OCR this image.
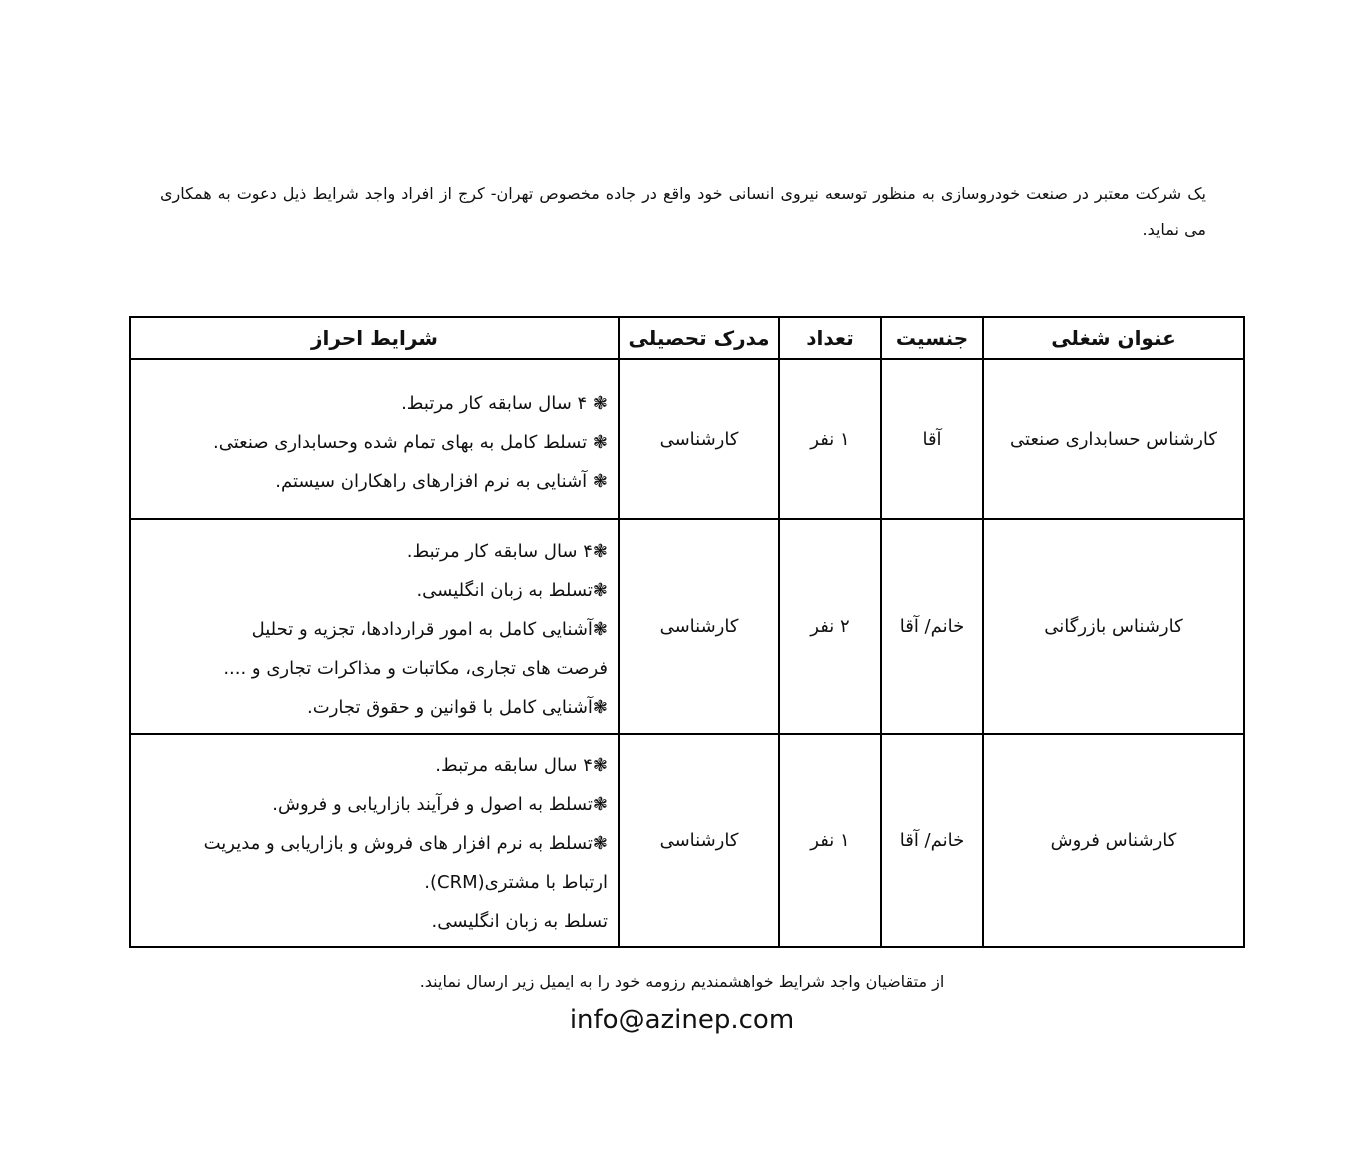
یک شرکت معتبر در صنعت خودروسازی به منظور توسعه نیروی انسانی خود واقع در جاده مخصوص تهران- کرج از افراد واجد شرایط ذیل دعوت به همکاری می نماید.

عنوان شغلی	جنسیت	تعداد	مدرک تحصیلی	شرایط احراز
کارشناس حسابداری صنعتی	آقا	۱ نفر	کارشناسی	❃ ۴ سال سابقه کار مرتبط.
❃ تسلط کامل به بهای تمام شده وحسابداری صنعتی.
❃ آشنایی به نرم افزارهای راهکاران سیستم.

کارشناس بازرگانی	خانم/ آقا	۲ نفر	کارشناسی	❃۴ سال سابقه کار مرتبط.
❃تسلط به زبان انگلیسی.
❃آشنایی کامل به امور قراردادها، تجزیه و تحلیل
فرصت های تجاری، مکاتبات و مذاکرات تجاری و ....
❃آشنایی کامل با قوانین و حقوق تجارت.

کارشناس فروش	خانم/ آقا	۱ نفر	کارشناسی	❃۴ سال سابقه مرتبط.
❃تسلط به اصول و فرآیند بازاریابی و فروش.
❃تسلط به نرم افزار های فروش و بازاریابی و مدیریت
ارتباط با مشتری(CRM).
تسلط به زبان انگلیسی.
از متقاضیان واجد شرایط خواهشمندیم رزومه خود را به ایمیل زیر ارسال نمایند.
info@azinep.com
